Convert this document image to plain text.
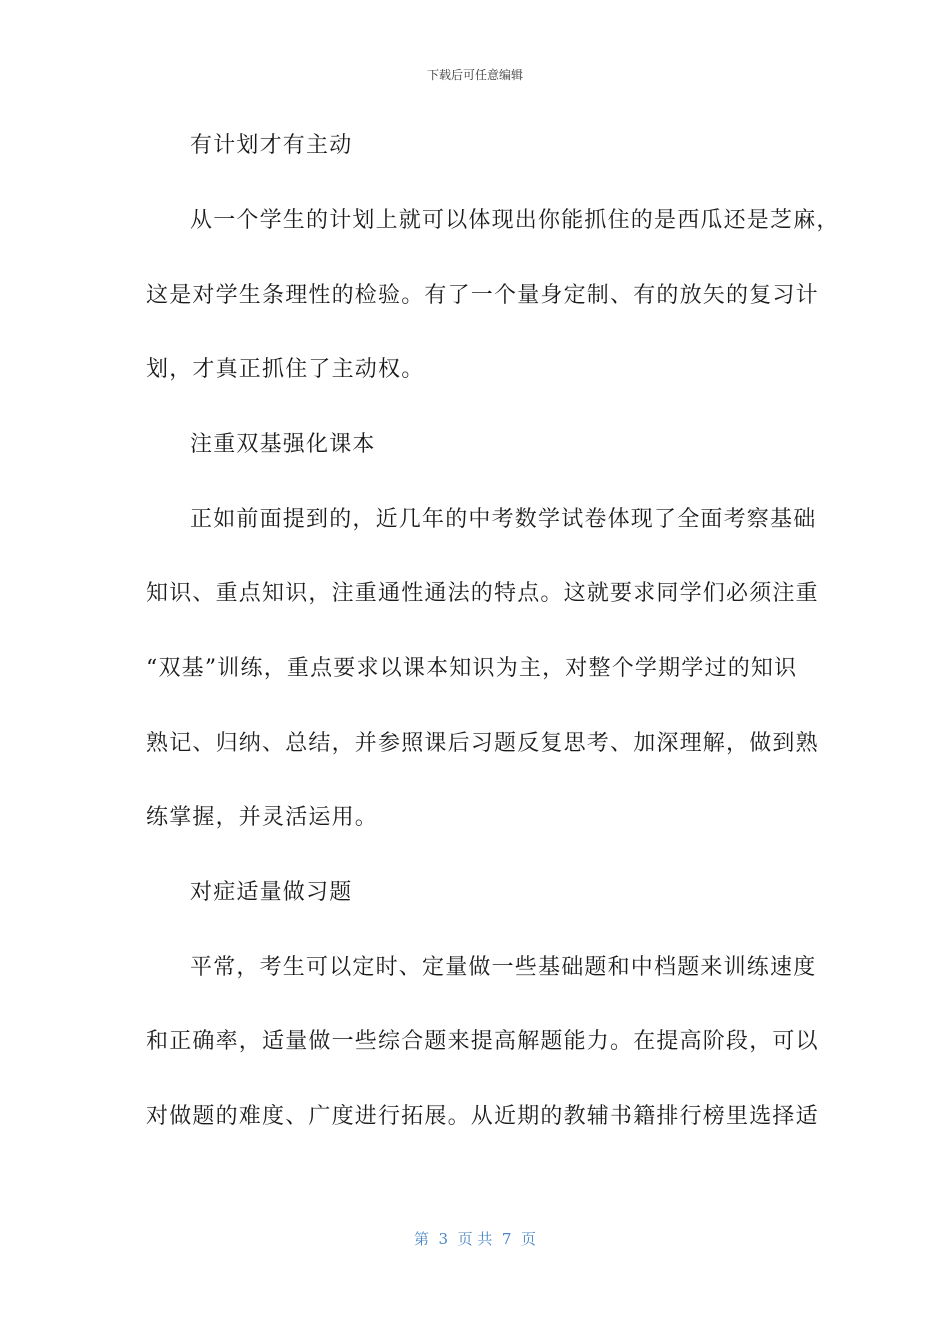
下载后可任意编辑
有计划才有主动
从一个学生的计划上就可以体现出你能抓住的是西瓜还是芝麻，
这是对学生条理性的检验。有了一个量身定制、有的放矢的复习计
划，才真正抓住了主动权。
注重双基强化课本
正如前面提到的，近几年的中考数学试卷体现了全面考察基础
知识、重点知识，注重通性通法的特点。这就要求同学们必须注重
“双基”训练，重点要求以课本知识为主，对整个学期学过的知识
熟记、归纳、总结，并参照课后习题反复思考、加深理解，做到熟
练掌握，并灵活运用。
对症适量做习题
平常，考生可以定时、定量做一些基础题和中档题来训练速度
和正确率，适量做一些综合题来提高解题能力。在提高阶段，可以
对做题的难度、广度进行拓展。从近期的教辅书籍排行榜里选择适
第  3  页 共  7  页
